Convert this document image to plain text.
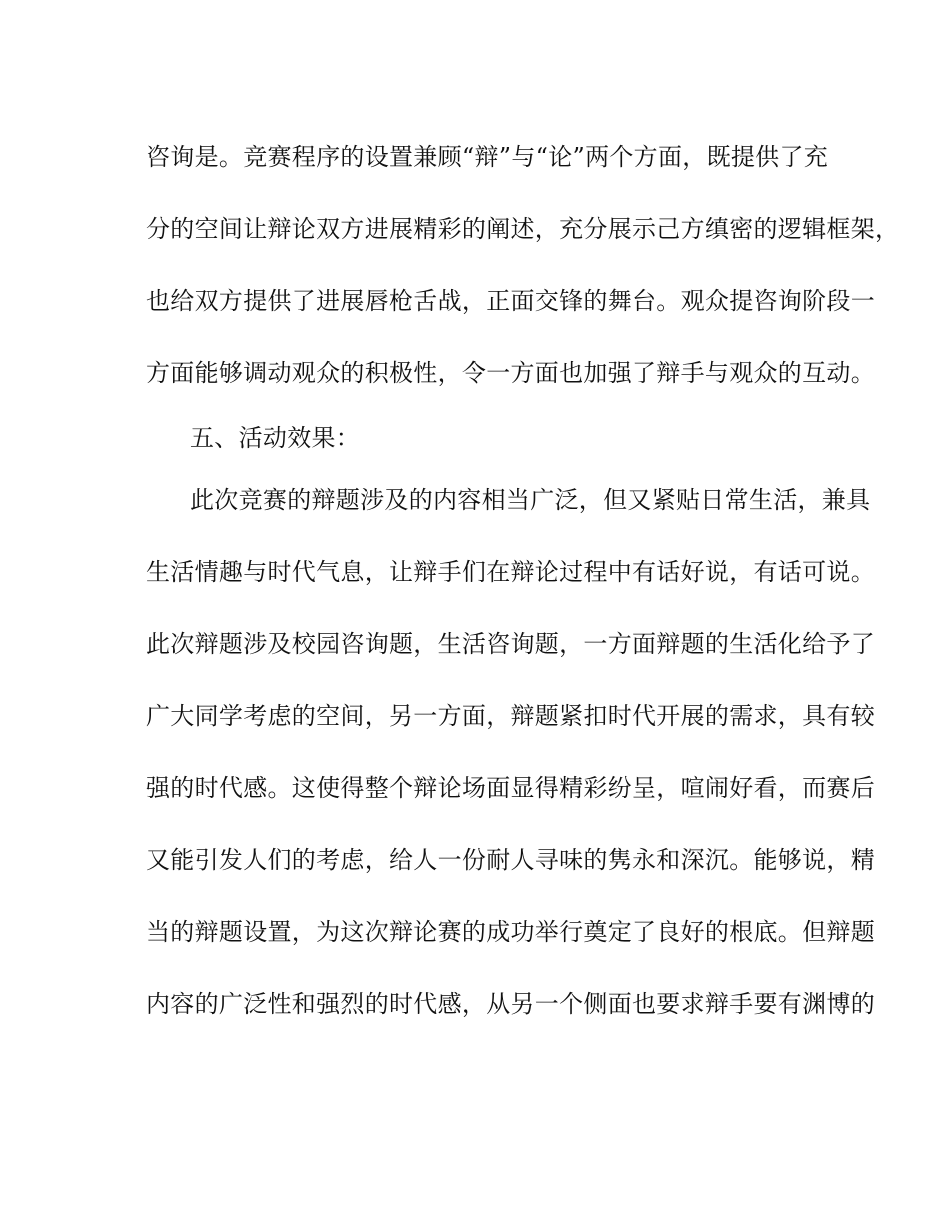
咨询是。竞赛程序的设置兼顾“辩”与“论”两个方面，既提供了充
分的空间让辩论双方进展精彩的阐述，充分展示己方缜密的逻辑框架，
也给双方提供了进展唇枪舌战，正面交锋的舞台。观众提咨询阶段一
方面能够调动观众的积极性，令一方面也加强了辩手与观众的互动。
五、活动效果：
此次竞赛的辩题涉及的内容相当广泛，但又紧贴日常生活，兼具
生活情趣与时代气息，让辩手们在辩论过程中有话好说，有话可说。
此次辩题涉及校园咨询题，生活咨询题，一方面辩题的生活化给予了
广大同学考虑的空间，另一方面，辩题紧扣时代开展的需求，具有较
强的时代感。这使得整个辩论场面显得精彩纷呈，喧闹好看，而赛后
又能引发人们的考虑，给人一份耐人寻味的隽永和深沉。能够说，精
当的辩题设置，为这次辩论赛的成功举行奠定了良好的根底。但辩题
内容的广泛性和强烈的时代感，从另一个侧面也要求辩手要有渊博的
